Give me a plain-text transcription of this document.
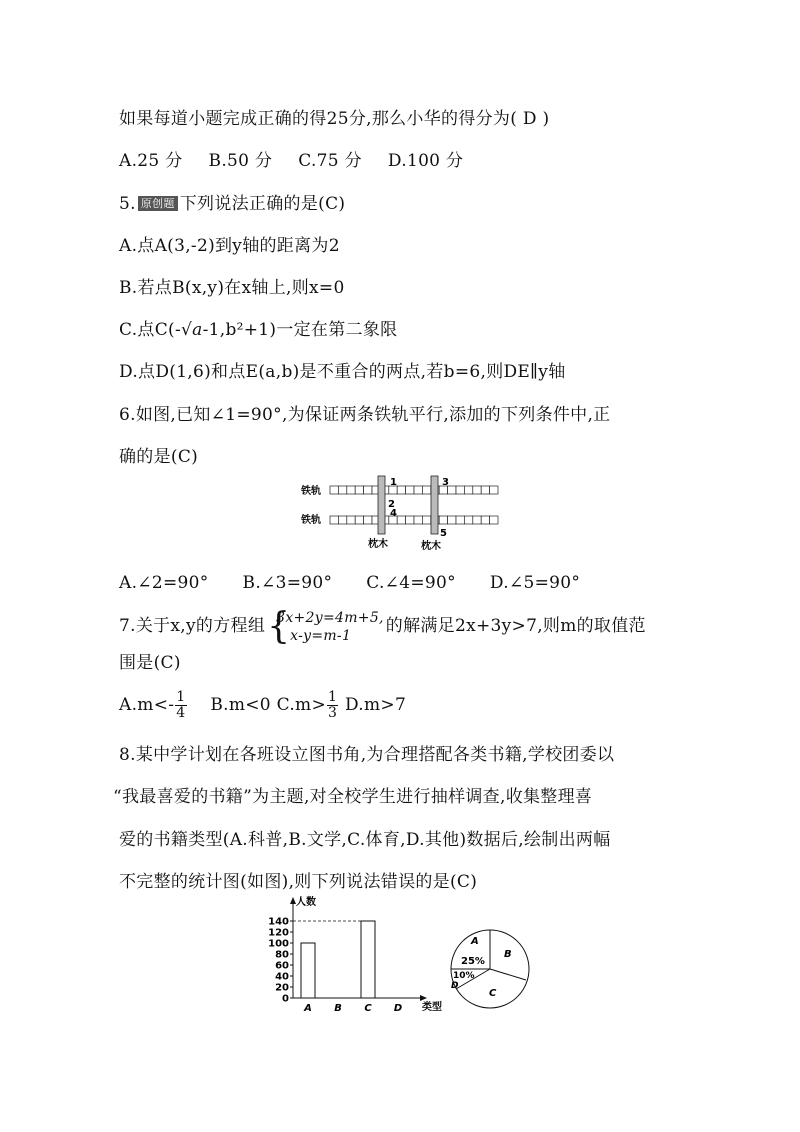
如果每道小题完成正确的得25分,那么小华的得分为( D )
A.25 分 B.50 分 C.75 分 D.100 分
5. 原创题 下列说法正确的是(C)
A.点A(3,-2)到y轴的距离为2
B.若点B(x,y)在x轴上,则x=0
C.点C(-√a-1,b²+1)一定在第二象限
D.点D(1,6)和点E(a,b)是不重合的两点,若b=6,则DE∥y轴
6.如图,已知∠1=90°,为保证两条铁轨平行,添加的下列条件中,正
确的是(C)
铁轨
铁轨
1
2
3
4
5
枕木	枕木
A.∠2=90° B.∠3=90° C.∠4=90° D.∠5=90°
7.关于x,y的方程组 {
3x+2y=4m+5,
x-y=m-1	的解满足2x+3y>7,则m的取值范
围是(C)
$A.m<- \frac{1}{4} B.m<0$ $C.m> \frac{1}{3} D.m>7$
8.某中学计划在各班设立图书角,为合理搭配各类书籍,学校团委以
“我最喜爱的书籍”为主题,对全校学生进行抽样调查,收集整理喜
爱的书籍类型(A.科普,B.文学,C.体育,D.其他)数据后,绘制出两幅
不完整的统计图(如图),则下列说法错误的是(C)
人数
类型
0
20
40
60
80
100
120
140
A B C D
A
25%
B
C
10%
D
